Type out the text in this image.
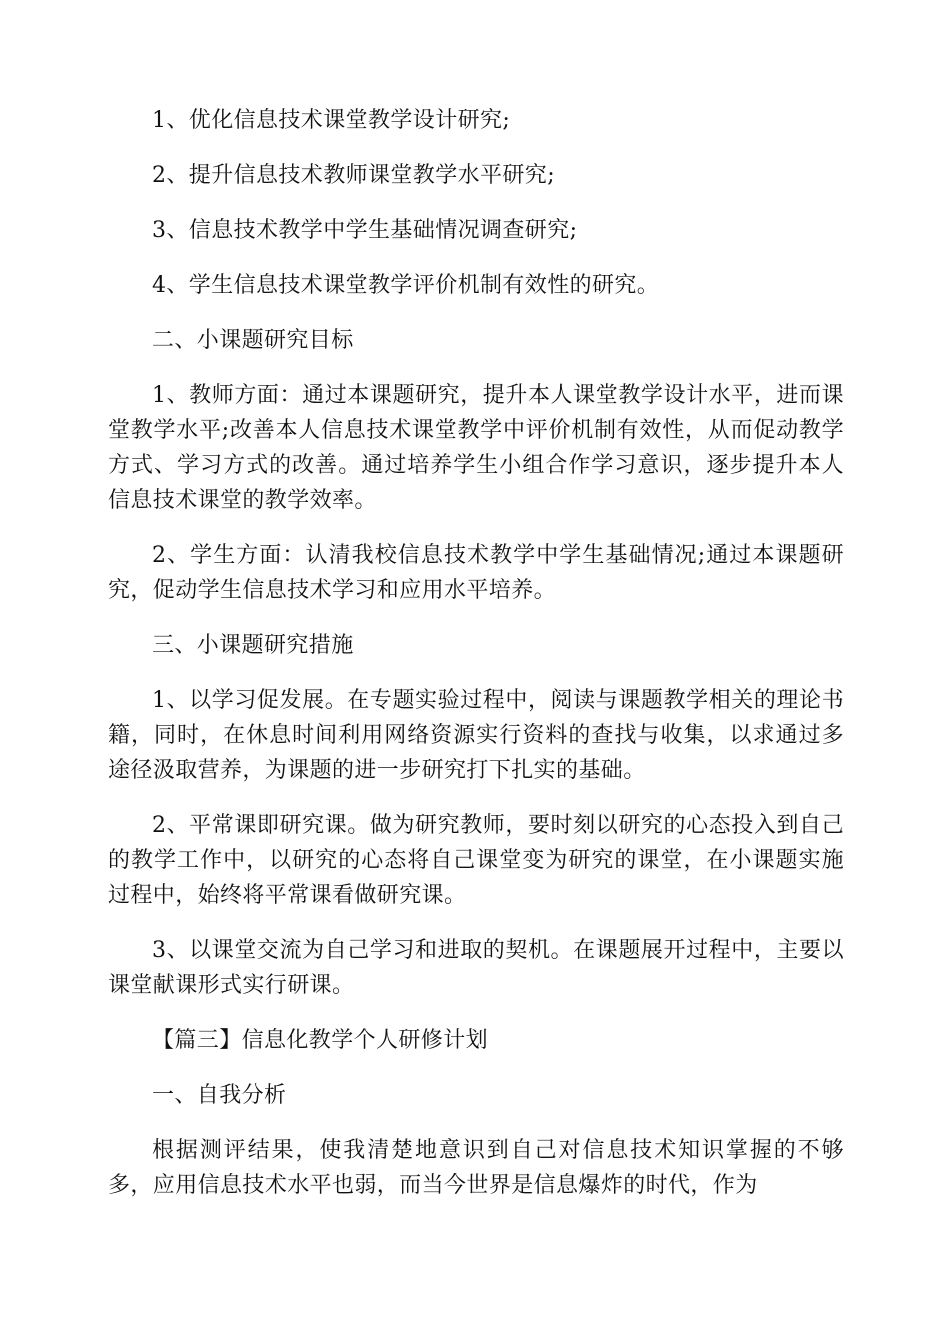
1、优化信息技术课堂教学设计研究;

2、提升信息技术教师课堂教学水平研究;

3、信息技术教学中学生基础情况调查研究;

4、学生信息技术课堂教学评价机制有效性的研究。

二、小课题研究目标

1、教师方面：通过本课题研究，提升本人课堂教学设计水平，进而课堂教学水平;改善本人信息技术课堂教学中评价机制有效性，从而促动教学方式、学习方式的改善。通过培养学生小组合作学习意识，逐步提升本人信息技术课堂的教学效率。

2、学生方面：认清我校信息技术教学中学生基础情况;通过本课题研究，促动学生信息技术学习和应用水平培养。

三、小课题研究措施

1、以学习促发展。在专题实验过程中，阅读与课题教学相关的理论书籍，同时，在休息时间利用网络资源实行资料的查找与收集，以求通过多途径汲取营养，为课题的进一步研究打下扎实的基础。

2、平常课即研究课。做为研究教师，要时刻以研究的心态投入到自己的教学工作中，以研究的心态将自己课堂变为研究的课堂，在小课题实施过程中，始终将平常课看做研究课。

3、以课堂交流为自己学习和进取的契机。在课题展开过程中，主要以课堂献课形式实行研课。

【篇三】信息化教学个人研修计划

一、自我分析

根据测评结果，使我清楚地意识到自己对信息技术知识掌握的不够多，应用信息技术水平也弱，而当今世界是信息爆炸的时代，作为
